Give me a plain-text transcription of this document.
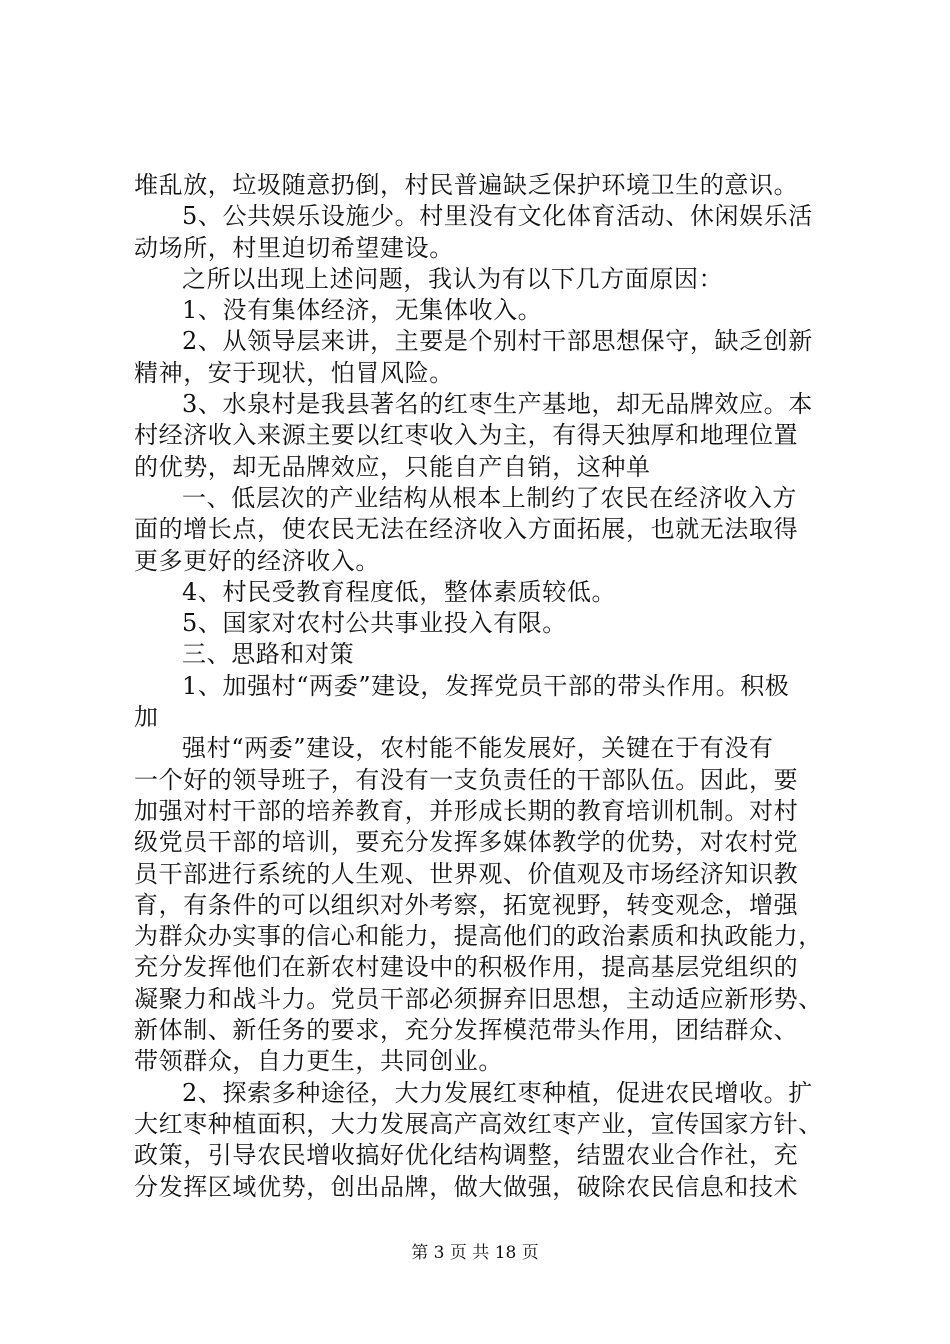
堆乱放，垃圾随意扔倒，村民普遍缺乏保护环境卫生的意识。
5、公共娱乐设施少。村里没有文化体育活动、休闲娱乐活
动场所，村里迫切希望建设。
之所以出现上述问题，我认为有以下几方面原因：
1、没有集体经济，无集体收入。
2、从领导层来讲，主要是个别村干部思想保守，缺乏创新
精神，安于现状，怕冒风险。
3、水泉村是我县著名的红枣生产基地，却无品牌效应。本
村经济收入来源主要以红枣收入为主，有得天独厚和地理位置
的优势，却无品牌效应，只能自产自销，这种单
一、低层次的产业结构从根本上制约了农民在经济收入方
面的增长点，使农民无法在经济收入方面拓展，也就无法取得
更多更好的经济收入。
4、村民受教育程度低，整体素质较低。
5、国家对农村公共事业投入有限。
三、思路和对策
1、加强村“两委”建设，发挥党员干部的带头作用。积极
加
强村“两委”建设，农村能不能发展好，关键在于有没有
一个好的领导班子，有没有一支负责任的干部队伍。因此，要
加强对村干部的培养教育，并形成长期的教育培训机制。对村
级党员干部的培训，要充分发挥多媒体教学的优势，对农村党
员干部进行系统的人生观、世界观、价值观及市场经济知识教
育，有条件的可以组织对外考察，拓宽视野，转变观念，增强
为群众办实事的信心和能力，提高他们的政治素质和执政能力，
充分发挥他们在新农村建设中的积极作用，提高基层党组织的
凝聚力和战斗力。党员干部必须摒弃旧思想，主动适应新形势、
新体制、新任务的要求，充分发挥模范带头作用，团结群众、
带领群众，自力更生，共同创业。
2、探索多种途径，大力发展红枣种植，促进农民增收。扩
大红枣种植面积，大力发展高产高效红枣产业，宣传国家方针、
政策，引导农民增收搞好优化结构调整，结盟农业合作社，充
分发挥区域优势，创出品牌，做大做强，破除农民信息和技术
第 3 页 共 18 页
